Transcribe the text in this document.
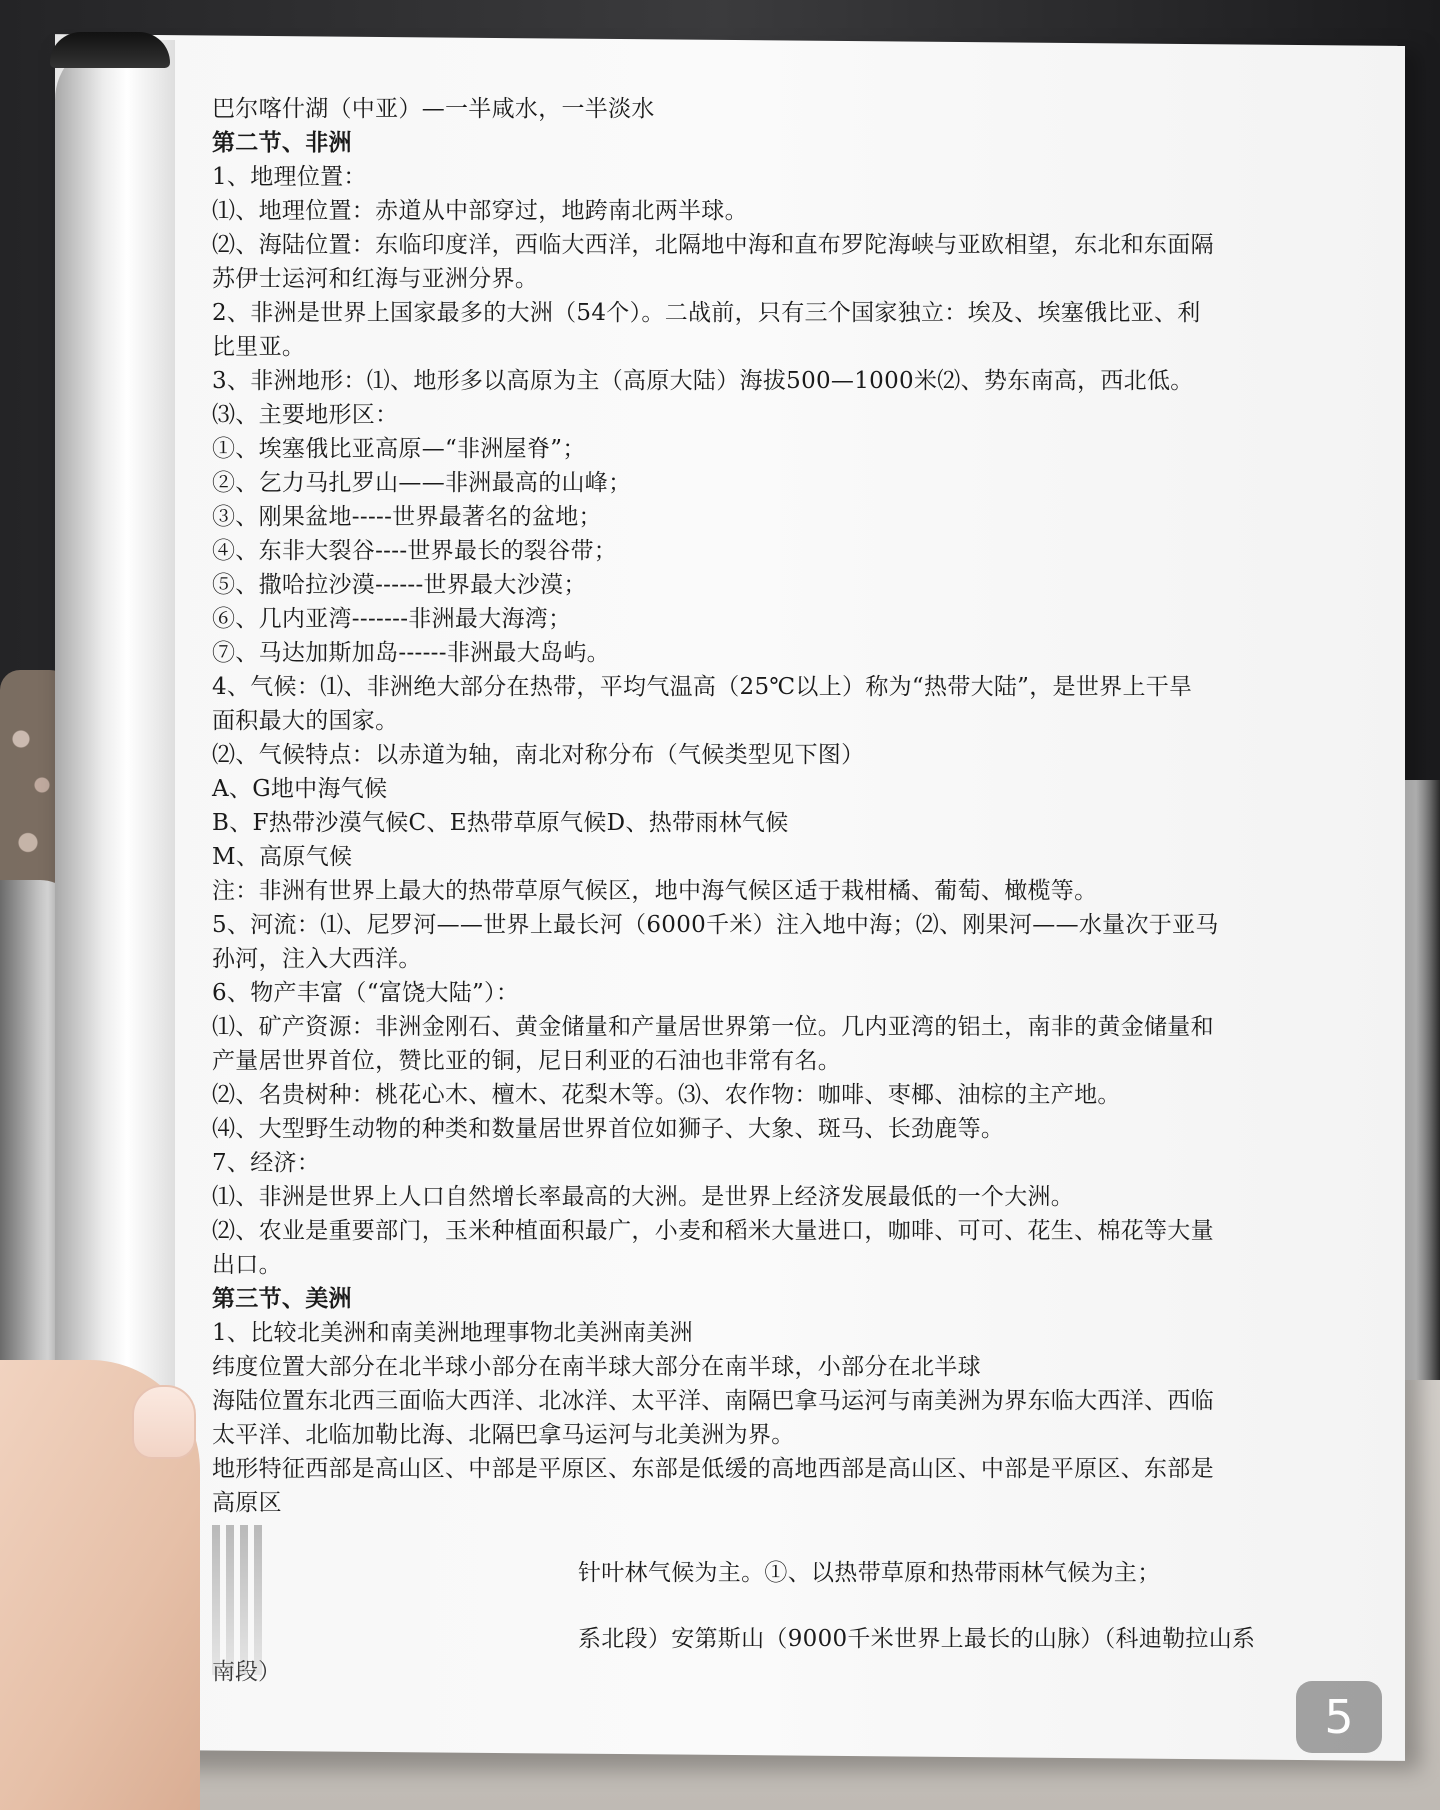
巴尔喀什湖（中亚）—一半咸水，一半淡水

第二节、非洲

1、地理位置：

⑴、地理位置：赤道从中部穿过，地跨南北两半球。

⑵、海陆位置：东临印度洋，西临大西洋，北隔地中海和直布罗陀海峡与亚欧相望，东北和东面隔

苏伊士运河和红海与亚洲分界。

2、非洲是世界上国家最多的大洲（54个）。二战前，只有三个国家独立：埃及、埃塞俄比亚、利

比里亚。

3、非洲地形：⑴、地形多以高原为主（高原大陆）海拔500—1000米⑵、势东南高，西北低。

⑶、主要地形区：

①、埃塞俄比亚高原—“非洲屋脊”；

②、乞力马扎罗山——非洲最高的山峰；

③、刚果盆地-----世界最著名的盆地；

④、东非大裂谷----世界最长的裂谷带；

⑤、撒哈拉沙漠------世界最大沙漠；

⑥、几内亚湾-------非洲最大海湾；

⑦、马达加斯加岛------非洲最大岛屿。

4、气候：⑴、非洲绝大部分在热带，平均气温高（25℃以上）称为“热带大陆”，是世界上干旱

面积最大的国家。

⑵、气候特点：以赤道为轴，南北对称分布（气候类型见下图）

A、G地中海气候

B、F热带沙漠气候C、E热带草原气候D、热带雨林气候

M、高原气候

注：非洲有世界上最大的热带草原气候区，地中海气候区适于栽柑橘、葡萄、橄榄等。

5、河流：⑴、尼罗河——世界上最长河（6000千米）注入地中海；⑵、刚果河——水量次于亚马

孙河，注入大西洋。

6、物产丰富（“富饶大陆”）：

⑴、矿产资源：非洲金刚石、黄金储量和产量居世界第一位。几内亚湾的铝土，南非的黄金储量和

产量居世界首位，赞比亚的铜，尼日利亚的石油也非常有名。

⑵、名贵树种：桃花心木、檀木、花梨木等。⑶、农作物：咖啡、枣椰、油棕的主产地。

⑷、大型野生动物的种类和数量居世界首位如狮子、大象、斑马、长劲鹿等。

7、经济：

⑴、非洲是世界上人口自然增长率最高的大洲。是世界上经济发展最低的一个大洲。

⑵、农业是重要部门，玉米种植面积最广，小麦和稻米大量进口，咖啡、可可、花生、棉花等大量

出口。

第三节、美洲

1、比较北美洲和南美洲地理事物北美洲南美洲

纬度位置大部分在北半球小部分在南半球大部分在南半球，小部分在北半球

海陆位置东北西三面临大西洋、北冰洋、太平洋、南隔巴拿马运河与南美洲为界东临大西洋、西临

太平洋、北临加勒比海、北隔巴拿马运河与北美洲为界。

地形特征西部是高山区、中部是平原区、东部是低缓的高地西部是高山区、中部是平原区、东部是

高原区

针叶林气候为主。①、以热带草原和热带雨林气候为主；
系北段）安第斯山（9000千米世界上最长的山脉）（科迪勒拉山系
南段）
5
